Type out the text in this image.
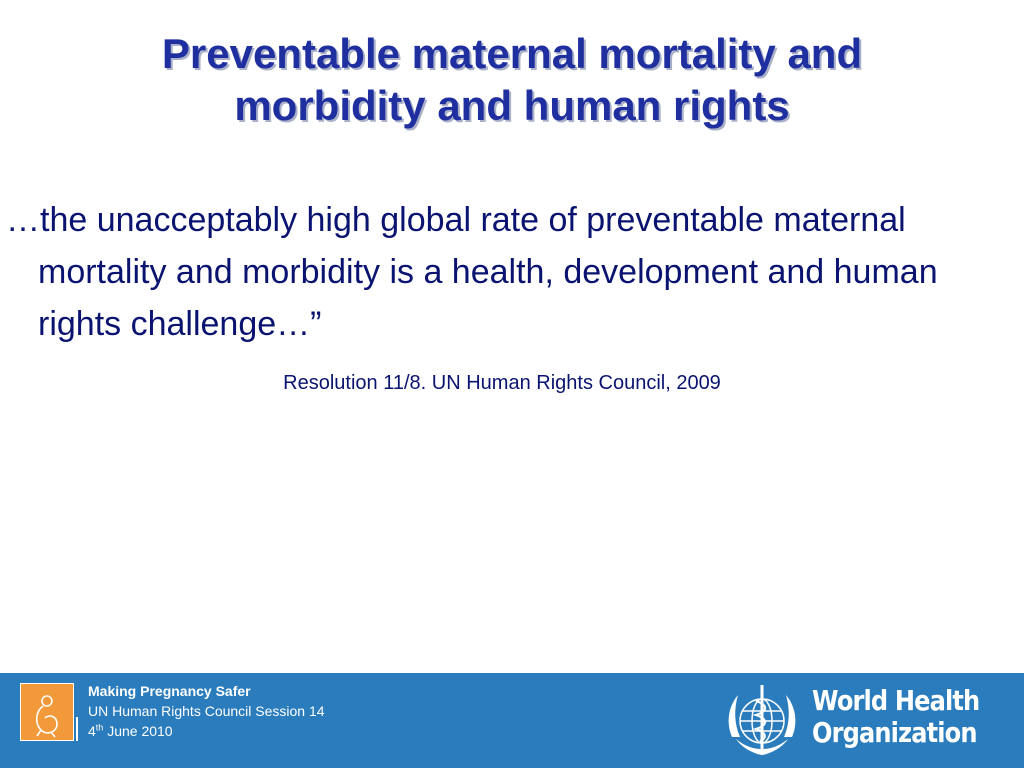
Preventable maternal mortality and
morbidity and human rights

…the unacceptably high global rate of preventable maternal mortality and morbidity is a health, development and human rights challenge…”

Resolution 11/8. UN Human Rights Council, 2009
Making Pregnancy Safer
UN Human Rights Council Session 14
4th June 2010
World Health
Organization
